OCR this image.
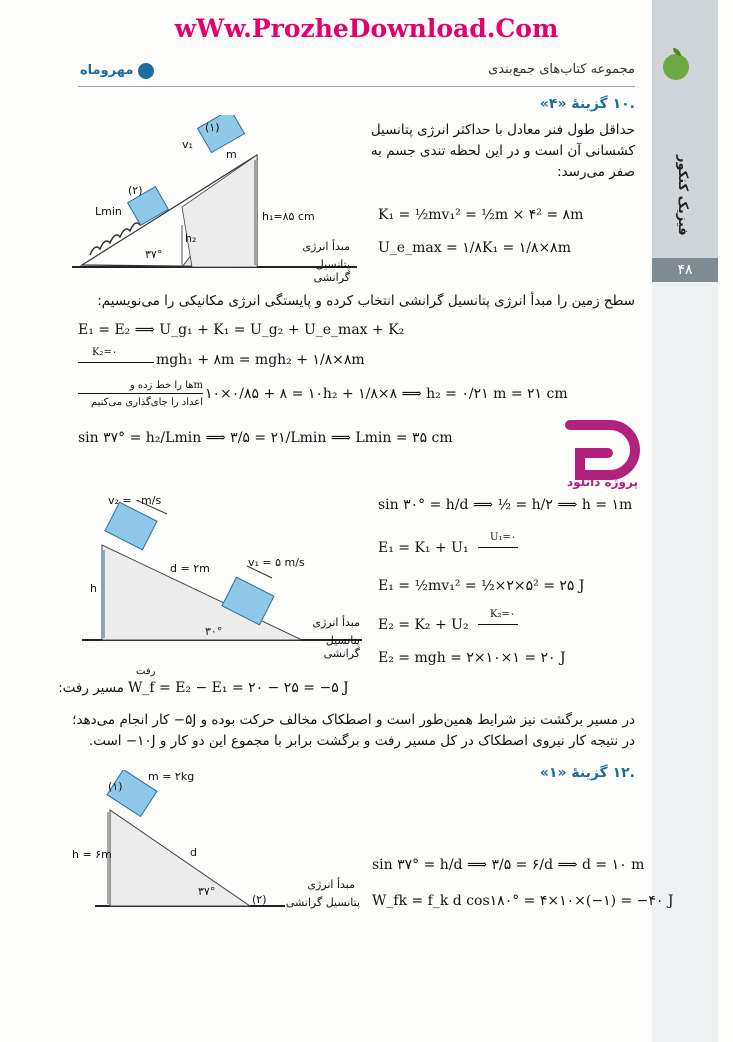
فیزیک کنکور
۴۸
wWw.ProzheDownload.Com
مهروماه	مجموعه کتاب‌های جمع‌بندی
.۱۰ گزینهٔ «۴»
حداقل طول فنر معادل با حداکثر انرژی پتانسیل کشسانی آن است و در این لحظه تندی جسم به صفر می‌رسد:
K₁ = ½mv₁² = ½m × ۴² = ۸m
U_e_max = ۱/۸K₁ = ۱/۸×۸m
(۱)
v₁
m
(۲)
Lmin	h₁=۸۵ cm
h₂
۳۷°
مبدأ انرژی
پتانسیل گرانشی
سطح زمین را مبدأ انرژی پتانسیل گرانشی انتخاب کرده و پایستگی انرژی مکانیکی را می‌نویسیم:
E₁ = E₂ ⟹ U_g₁ + K₁ = U_g₂ + U_e_max + K₂
K₂=۰	mgh₁ + ۸m = mgh₂ + ۱/۸×۸m
mها را خط زده و
اعداد را جای‌گذاری می‌کنیم
۱۰×۰/۸۵ + ۸ = ۱۰h₂ + ۱/۸×۸ ⟹ h₂ = ۰/۲۱ m = ۲۱ cm
sin ۳۷° = h₂/Lmin ⟹ ۳/۵ = ۲۱/Lmin ⟹ Lmin = ۳۵ cm
پروژه دانلود
v₂ = ۰m/s
d = ۲m	v₁ = ۵ m/s
h
۳۰°
مبدأ انرژی
پتانسیل گرانشی
sin ۳۰° = h/d ⟹ ½ = h/۲ ⟹ h = ۱m
E₁ = K₁ + U₁
U₁=۰
E₁ = ½mv₁² = ½×۲×۵² = ۲۵ J
E₂ = K₂ + U₂
K₂=۰
E₂ = mgh = ۲×۱۰×۱ = ۲۰ J
رفت
W_f = E₂ − E₁ = ۲۰ − ۲۵ = −۵ J
مسیر رفت:
در مسیر برگشت نیز شرایط همین‌طور است و اصطکاک مخالف حرکت بوده و ۵J− کار انجام می‌دهد؛ در نتیجه کار نیروی اصطکاک در کل مسیر رفت و برگشت برابر با مجموع این دو کار و ۱۰J− است.
.۱۲ گزینهٔ «۱»
(۱)
m = ۲kg
h = ۶m	d
۳۷°
(۲)
مبدأ انرژی
پتانسیل گرانشی
sin ۳۷° = h/d ⟹ ۳/۵ = ۶/d ⟹ d = ۱۰ m
W_fk = f_k d cos۱۸۰° = ۴×۱۰×(−۱) = −۴۰ J
